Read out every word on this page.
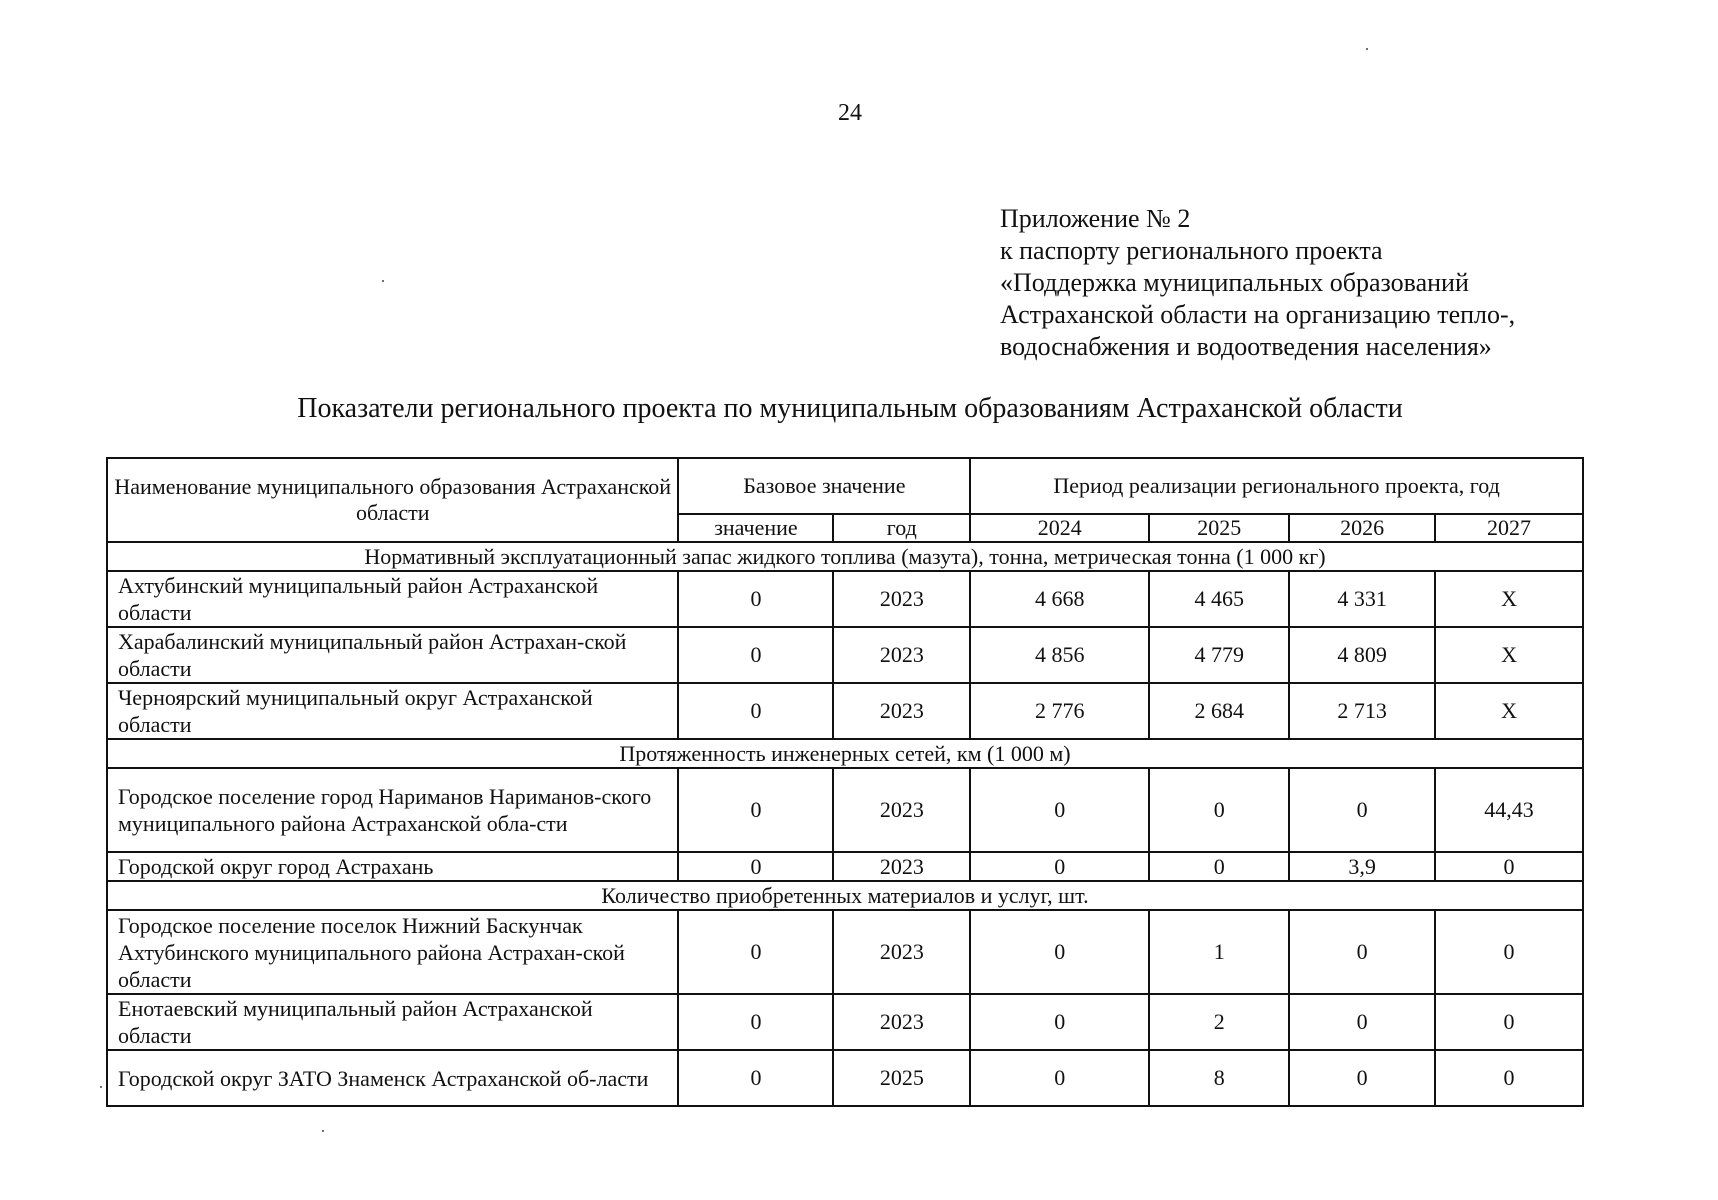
24
Приложение № 2
к паспорту регионального проекта
«Поддержка муниципальных образований
Астраханской области на организацию тепло-,
водоснабжения и водоотведения населения»
Показатели регионального проекта по муниципальным образованиям Астраханской области
Наименование муниципального образования Астраханской области	Базовое значение		Период реализации регионального проекта, год			
	значение	год	2024	2025	2026	2027
Нормативный эксплуатационный запас жидкого топлива (мазута), тонна, метрическая тонна (1 000 кг)						
Ахтубинский муниципальный район Астраханской области	0	2023	4 668	4 465	4 331	X
Харабалинский муниципальный район Астрахан-ской области	0	2023	4 856	4 779	4 809	X
Черноярский муниципальный округ Астраханской области	0	2023	2 776	2 684	2 713	X
Протяженность инженерных сетей, км (1 000 м)						
Городское поселение город Нариманов Нариманов-ского муниципального района Астраханской обла-сти	0	2023	0	0	0	44,43
Городской округ город Астрахань	0	2023	0	0	3,9	0
Количество приобретенных материалов и услуг, шт.						
Городское поселение поселок Нижний Баскунчак Ахтубинского муниципального района Астрахан-ской области	0	2023	0	1	0	0
Енотаевский муниципальный район Астраханской области	0	2023	0	2	0	0
Городской округ ЗАТО Знаменск Астраханской об-ласти	0	2025	0	8	0	0
